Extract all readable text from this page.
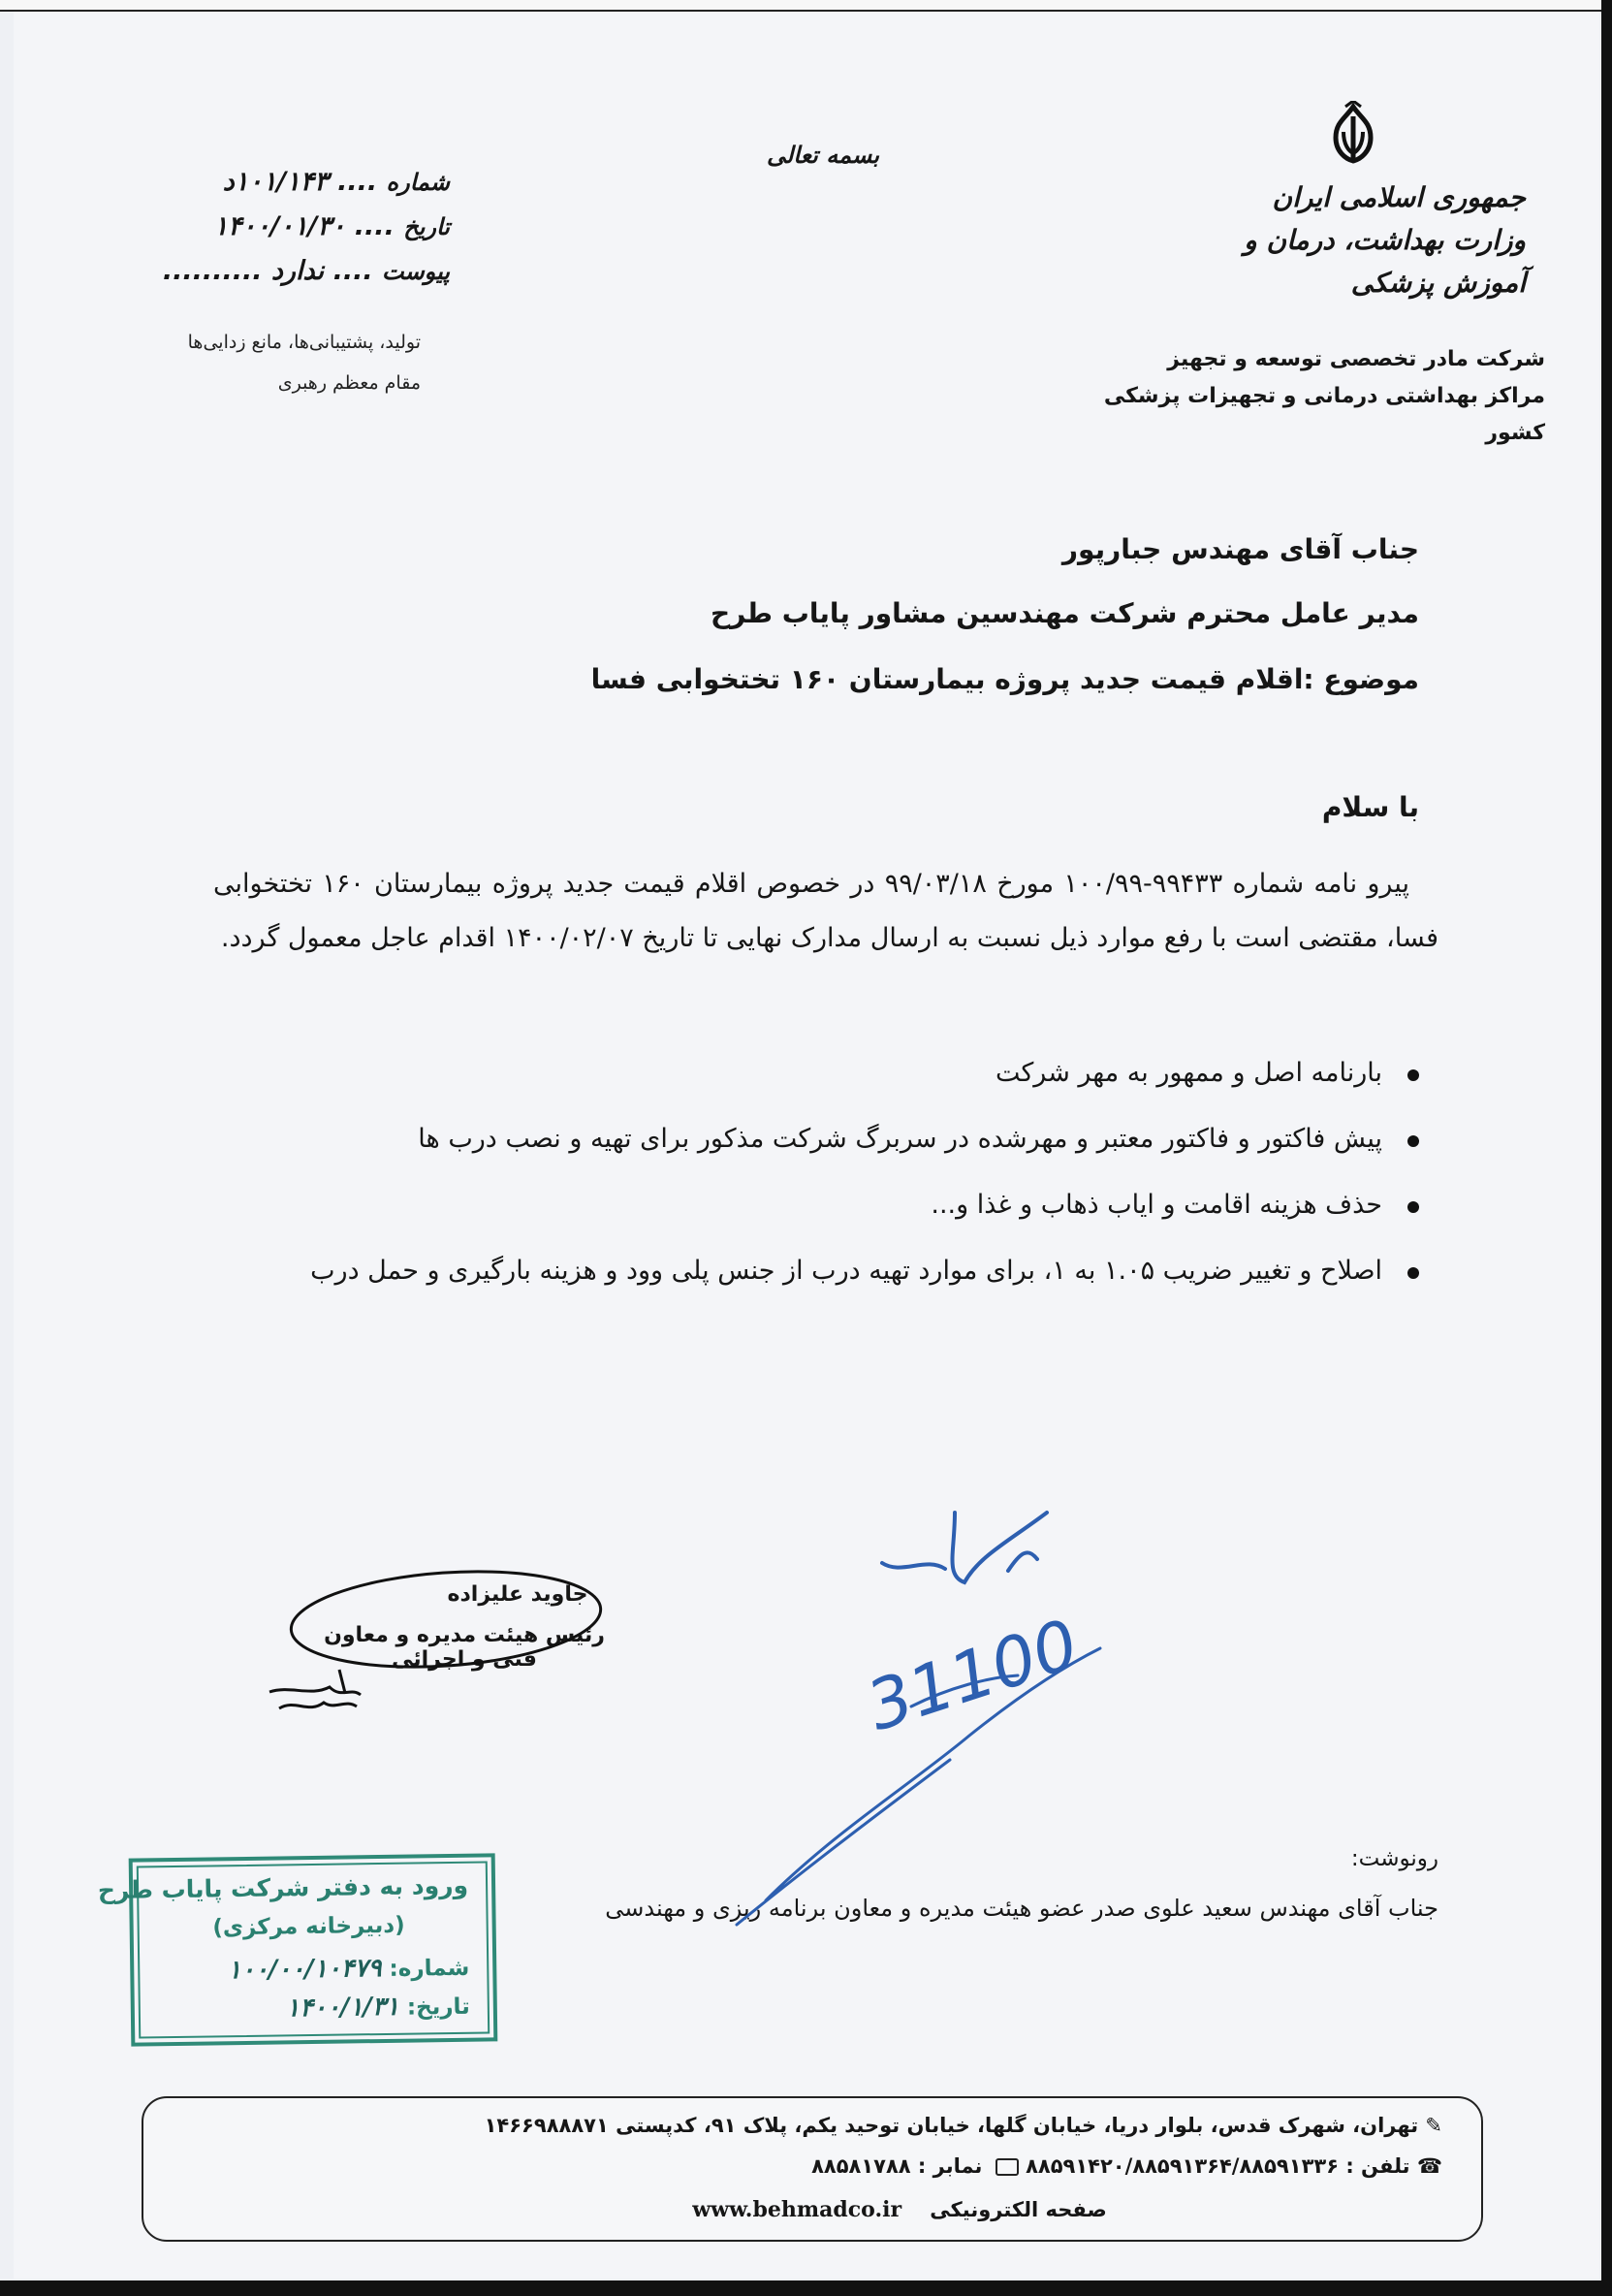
بسمه تعالی
شماره .... ۱۰۱/۱۴۳د
تاریخ .... ۱۴۰۰/۰۱/۳۰
پیوست .... ندارد ..........
تولید، پشتیبانی‌ها، مانع زدایی‌ها
مقام معظم رهبری
جمهوری اسلامی ایران
وزارت بهداشت، درمان و آموزش پزشکی
شرکت مادر تخصصی توسعه و تجهیز
مراکز بهداشتی درمانی و تجهیزات پزشکی کشور
جناب آقای مهندس جبارپور
مدیر عامل محترم شرکت مهندسین مشاور پایاب طرح
موضوع :اقلام قیمت جدید پروژه بیمارستان ۱۶۰ تختخوابی فسا
با سلام
پیرو نامه شماره ۹۹۴۳۳-۱۰۰/۹۹ مورخ ۹۹/۰۳/۱۸ در خصوص اقلام قیمت جدید پروژه بیمارستان ۱۶۰ تختخوابی فسا، مقتضی است با رفع موارد ذیل نسبت به ارسال مدارک نهایی تا تاریخ ۱۴۰۰/۰۲/۰۷ اقدام عاجل معمول گردد.
بارنامه اصل و ممهور به مهر شرکت
پیش فاکتور و فاکتور معتبر و مهرشده در سربرگ شرکت مذکور برای تهیه و نصب درب ها
حذف هزینه اقامت و ایاب ذهاب و غذا و...
اصلاح و تغییر ضریب ۱.۰۵ به ۱، برای موارد تهیه درب از جنس پلی وود و هزینه بارگیری و حمل درب
جاوید علیزاده
رئیس هیئت مدیره و معاون فنی و اجرائی
رونوشت:
جناب آقای مهندس سعید علوی صدر عضو هیئت مدیره و معاون برنامه ریزی و مهندسی
ورود به دفتر شرکت پایاب طرح
(دبیرخانه مرکزی)
شماره: ۱۰۰/۰۰/۱۰۴۷۹
تاریخ: ۱۴۰۰/۱/۳۱
✎ تهران، شهرک قدس، بلوار دریا، خیابان گلها، خیابان توحید یکم، پلاک ۹۱، کدپستی ۱۴۶۶۹۸۸۸۷۱
☎ تلفن : ۸۸۵۹۱۴۲۰/۸۸۵۹۱۳۶۴/۸۸۵۹۱۳۳۶  نمابر : ۸۸۵۸۱۷۸۸
صفحه الکترونیکی    www.behmadco.ir
31100
